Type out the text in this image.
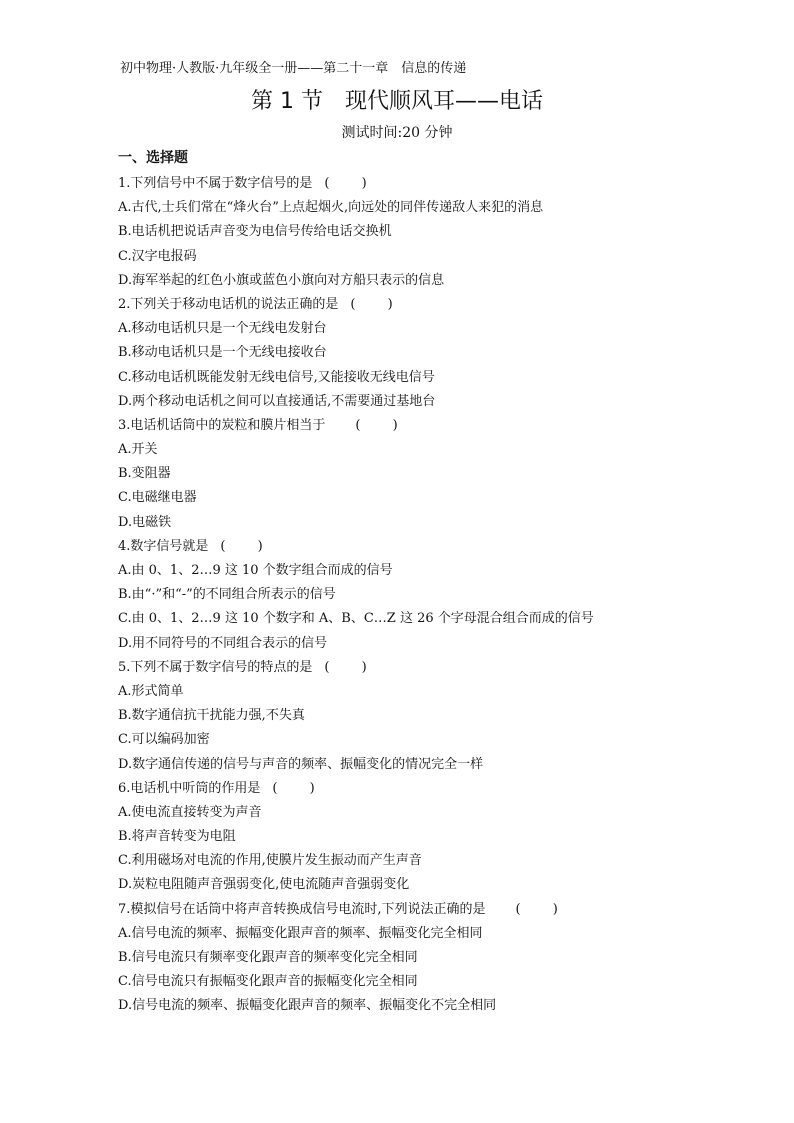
初中物理·人教版·九年级全一册——第二十一章　信息的传递
第 1 节　现代顺风耳——电话
测试时间:20 分钟
一、选择题
1.下列信号中不属于数字信号的是 ( )
A.古代,士兵们常在“烽火台”上点起烟火,向远处的同伴传递敌人来犯的消息
B.电话机把说话声音变为电信号传给电话交换机
C.汉字电报码
D.海军举起的红色小旗或蓝色小旗向对方船只表示的信息
2.下列关于移动电话机的说法正确的是 ( )
A.移动电话机只是一个无线电发射台
B.移动电话机只是一个无线电接收台
C.移动电话机既能发射无线电信号,又能接收无线电信号
D.两个移动电话机之间可以直接通话,不需要通过基地台
3.电话机话筒中的炭粒和膜片相当于 ( )
A.开关
B.变阻器
C.电磁继电器
D.电磁铁
4.数字信号就是 ( )
A.由 0、1、2…9 这 10 个数字组合而成的信号
B.由“·”和“-”的不同组合所表示的信号
C.由 0、1、2…9 这 10 个数字和 A、B、C…Z 这 26 个字母混合组合而成的信号
D.用不同符号的不同组合表示的信号
5.下列不属于数字信号的特点的是 ( )
A.形式简单
B.数字通信抗干扰能力强,不失真
C.可以编码加密
D.数字通信传递的信号与声音的频率、振幅变化的情况完全一样
6.电话机中听筒的作用是 ( )
A.使电流直接转变为声音
B.将声音转变为电阻
C.利用磁场对电流的作用,使膜片发生振动而产生声音
D.炭粒电阻随声音强弱变化,使电流随声音强弱变化
7.模拟信号在话筒中将声音转换成信号电流时,下列说法正确的是 ( )
A.信号电流的频率、振幅变化跟声音的频率、振幅变化完全相同
B.信号电流只有频率变化跟声音的频率变化完全相同
C.信号电流只有振幅变化跟声音的振幅变化完全相同
D.信号电流的频率、振幅变化跟声音的频率、振幅变化不完全相同
